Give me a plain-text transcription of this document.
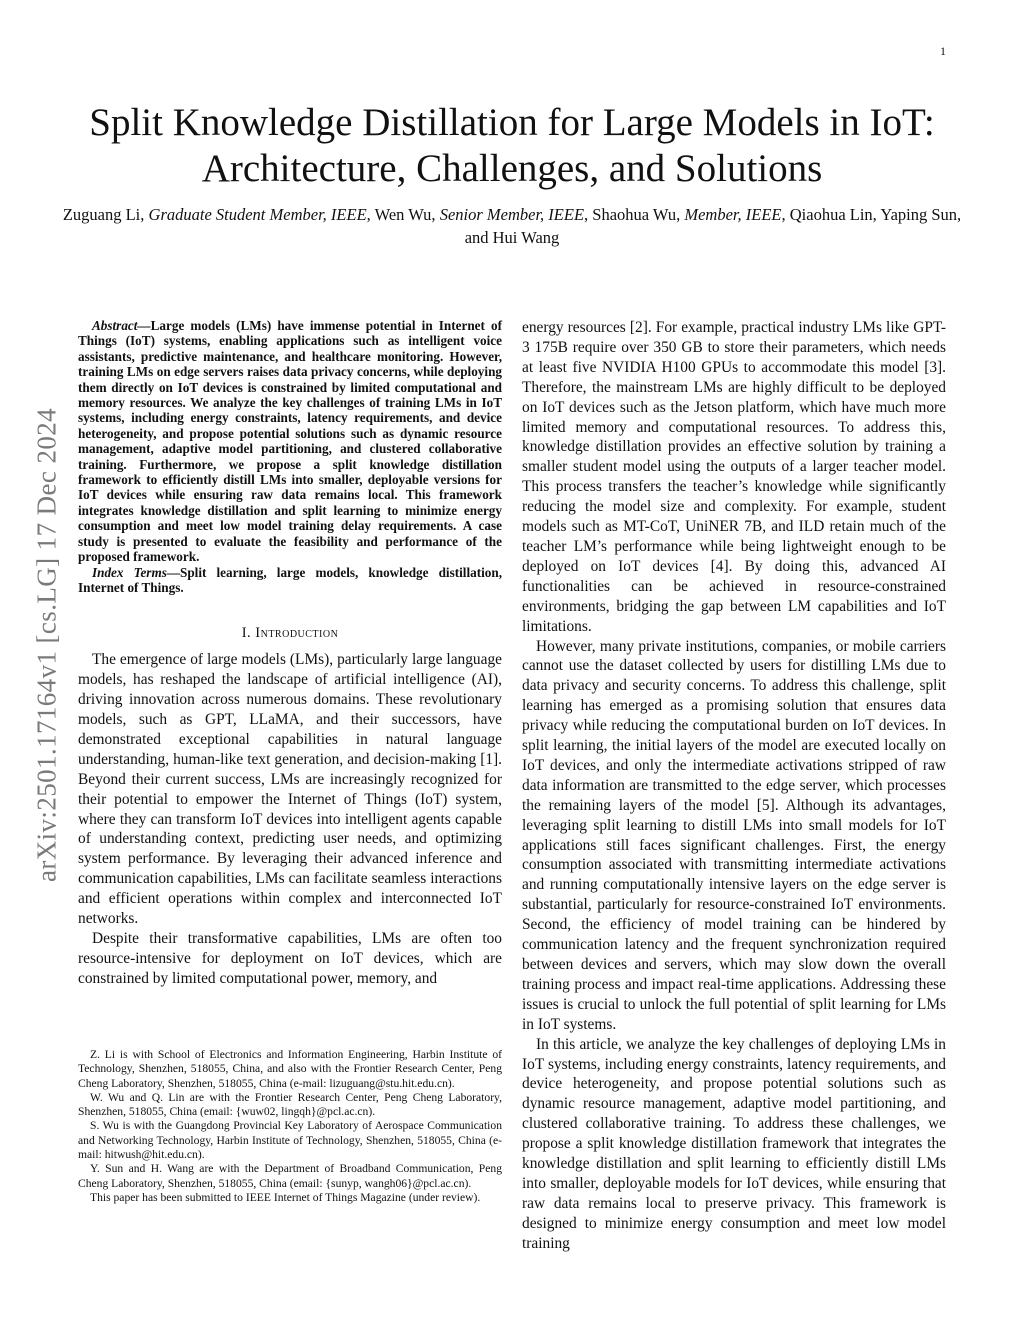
1
arXiv:2501.17164v1 [cs.LG] 17 Dec 2024
Split Knowledge Distillation for Large Models in IoT: Architecture, Challenges, and Solutions
Zuguang Li, Graduate Student Member, IEEE, Wen Wu, Senior Member, IEEE, Shaohua Wu, Member, IEEE, Qiaohua Lin, Yaping Sun, and Hui Wang

Abstract—Large models (LMs) have immense potential in Internet of Things (IoT) systems, enabling applications such as intelligent voice assistants, predictive maintenance, and healthcare monitoring. However, training LMs on edge servers raises data privacy concerns, while deploying them directly on IoT devices is constrained by limited computational and memory resources. We analyze the key challenges of training LMs in IoT systems, including energy constraints, latency requirements, and device heterogeneity, and propose potential solutions such as dynamic resource management, adaptive model partitioning, and clustered collaborative training. Furthermore, we propose a split knowledge distillation framework to efficiently distill LMs into smaller, deployable versions for IoT devices while ensuring raw data remains local. This framework integrates knowledge distillation and split learning to minimize energy consumption and meet low model training delay requirements. A case study is presented to evaluate the feasibility and performance of the proposed framework.

Index Terms—Split learning, large models, knowledge distillation, Internet of Things.

I. Introduction

The emergence of large models (LMs), particularly large language models, has reshaped the landscape of artificial intelligence (AI), driving innovation across numerous domains. These revolutionary models, such as GPT, LLaMA, and their successors, have demonstrated exceptional capabilities in natural language understanding, human-like text generation, and decision-making [1]. Beyond their current success, LMs are increasingly recognized for their potential to empower the Internet of Things (IoT) system, where they can transform IoT devices into intelligent agents capable of understanding context, predicting user needs, and optimizing system performance. By leveraging their advanced inference and communication capabilities, LMs can facilitate seamless interactions and efficient operations within complex and interconnected IoT networks.

Despite their transformative capabilities, LMs are often too resource-intensive for deployment on IoT devices, which are constrained by limited computational power, memory, and

Z. Li is with School of Electronics and Information Engineering, Harbin Institute of Technology, Shenzhen, 518055, China, and also with the Frontier Research Center, Peng Cheng Laboratory, Shenzhen, 518055, China (e-mail: lizuguang@stu.hit.edu.cn).

W. Wu and Q. Lin are with the Frontier Research Center, Peng Cheng Laboratory, Shenzhen, 518055, China (email: {wuw02, lingqh}@pcl.ac.cn).

S. Wu is with the Guangdong Provincial Key Laboratory of Aerospace Communication and Networking Technology, Harbin Institute of Technology, Shenzhen, 518055, China (e-mail: hitwush@hit.edu.cn).

Y. Sun and H. Wang are with the Department of Broadband Communication, Peng Cheng Laboratory, Shenzhen, 518055, China (email: {sunyp, wangh06}@pcl.ac.cn).

This paper has been submitted to IEEE Internet of Things Magazine (under review).

energy resources [2]. For example, practical industry LMs like GPT-3 175B require over 350 GB to store their parameters, which needs at least five NVIDIA H100 GPUs to accommodate this model [3]. Therefore, the mainstream LMs are highly difficult to be deployed on IoT devices such as the Jetson platform, which have much more limited memory and computational resources. To address this, knowledge distillation provides an effective solution by training a smaller student model using the outputs of a larger teacher model. This process transfers the teacher’s knowledge while significantly reducing the model size and complexity. For example, student models such as MT-CoT, UniNER 7B, and ILD retain much of the teacher LM’s performance while being lightweight enough to be deployed on IoT devices [4]. By doing this, advanced AI functionalities can be achieved in resource-constrained environments, bridging the gap between LM capabilities and IoT limitations.

However, many private institutions, companies, or mobile carriers cannot use the dataset collected by users for distilling LMs due to data privacy and security concerns. To address this challenge, split learning has emerged as a promising solution that ensures data privacy while reducing the computational burden on IoT devices. In split learning, the initial layers of the model are executed locally on IoT devices, and only the intermediate activations stripped of raw data information are transmitted to the edge server, which processes the remaining layers of the model [5]. Although its advantages, leveraging split learning to distill LMs into small models for IoT applications still faces significant challenges. First, the energy consumption associated with transmitting intermediate activations and running computationally intensive layers on the edge server is substantial, particularly for resource-constrained IoT environments. Second, the efficiency of model training can be hindered by communication latency and the frequent synchronization required between devices and servers, which may slow down the overall training process and impact real-time applications. Addressing these issues is crucial to unlock the full potential of split learning for LMs in IoT systems.

In this article, we analyze the key challenges of deploying LMs in IoT systems, including energy constraints, latency requirements, and device heterogeneity, and propose potential solutions such as dynamic resource management, adaptive model partitioning, and clustered collaborative training. To address these challenges, we propose a split knowledge distillation framework that integrates the knowledge distillation and split learning to efficiently distill LMs into smaller, deployable models for IoT devices, while ensuring that raw data remains local to preserve privacy. This framework is designed to minimize energy consumption and meet low model training
